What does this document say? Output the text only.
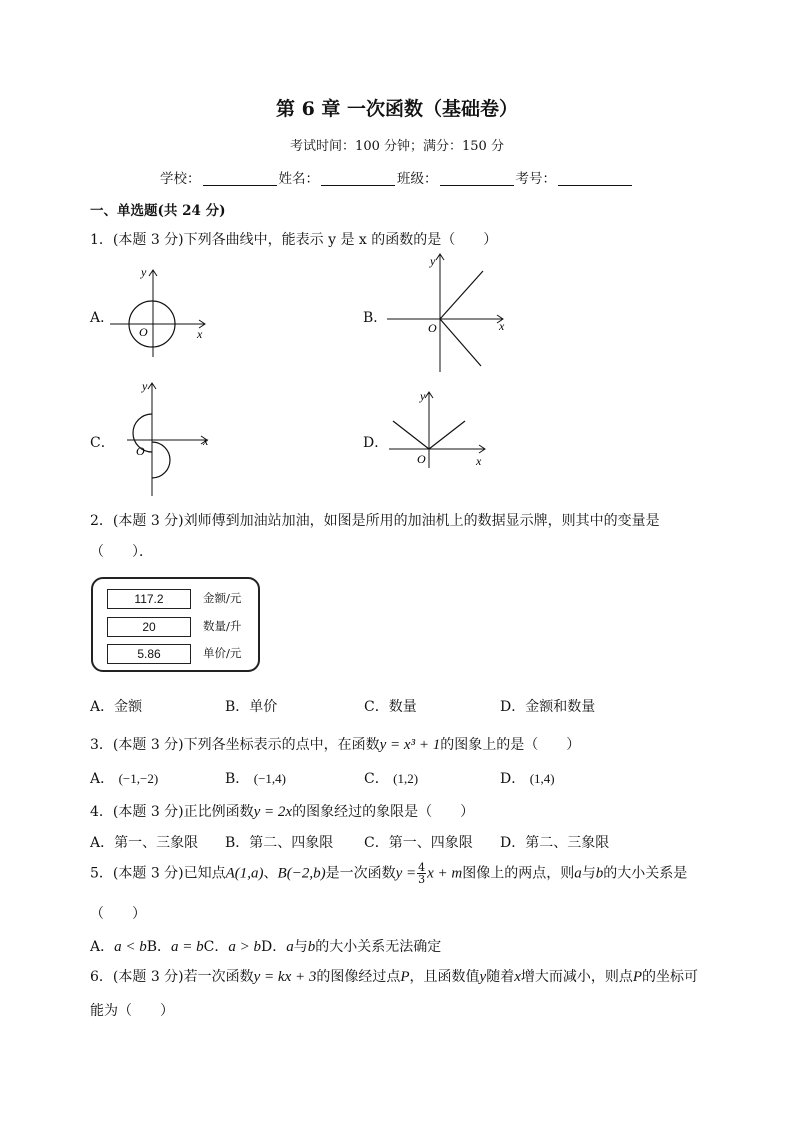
第 6 章 一次函数（基础卷）
考试时间：100 分钟；满分：150 分
学校：	姓名：	班级：	考号：
一、单选题(共 24 分)
1．(本题 3 分)下列各曲线中，能表示 y 是 x 的函数的是（　　）
A．
y
x
O
B．
y
x
O
C．
y
x
O	D．
y
x
O
2．(本题 3 分)刘师傅到加油站加油，如图是所用的加油机上的数据显示牌，则其中的变量是
（　　）．
117.2	金额/元
20	数量/升
5.86	单价/元
A．金额	B．单价	C．数量	D．金额和数量
3．(本题 3 分)下列各坐标表示的点中，在函数y = x³ + 1的图象上的是（　　）
A． (−1,−2)	B． (−1,4)	C． (1,2)	D． (1,4)
4．(本题 3 分)正比例函数y = 2x的图象经过的象限是（　　）
A．第一、三象限 B．第二、四象限 C．第一、四象限 D．第二、三象限
5．(本题 3 分)已知点A(1,a)、B(−2,b)是一次函数$y = \frac{4}{3}$ x + m图像上的两点，则a与b的大小关系是
（　　）
A．a < bB．a = bC．a > bD．a与b的大小关系无法确定
6．(本题 3 分)若一次函数y = kx + 3的图像经过点P，且函数值y随着x增大而减小，则点P的坐标可
能为（　　）
